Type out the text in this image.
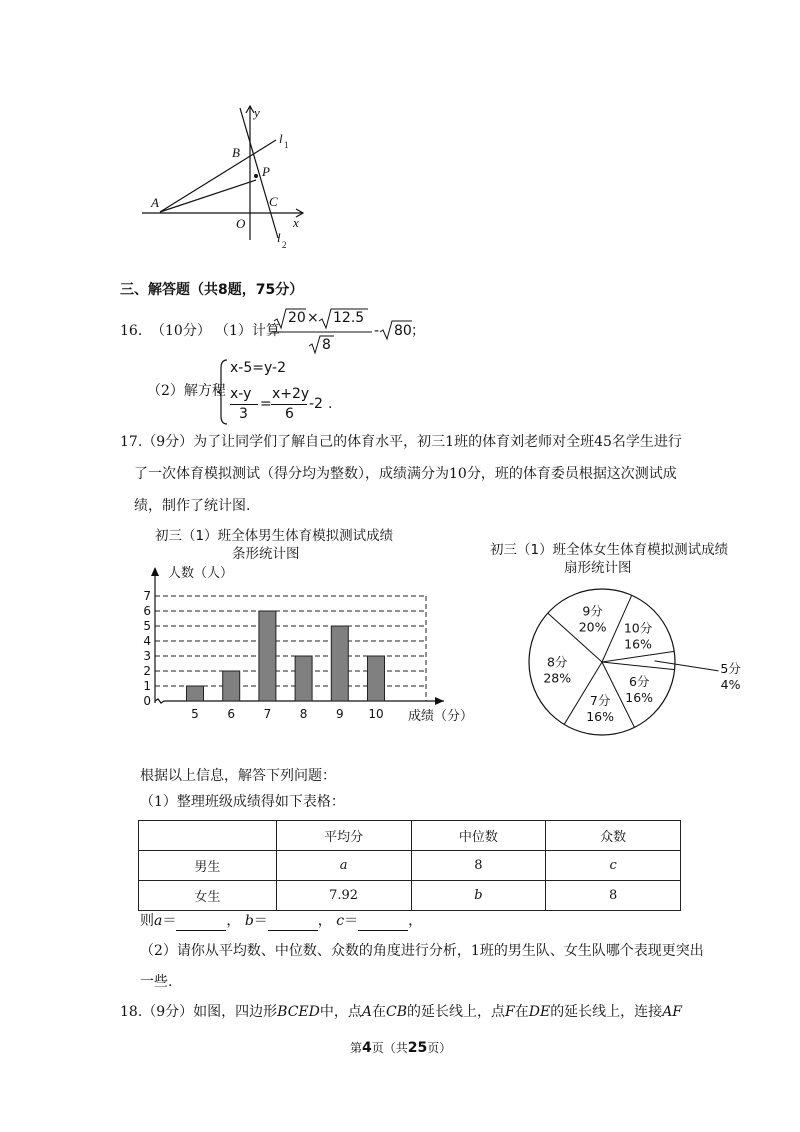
y
l 1
B
P
A
O
C
x
l 2
三、解答题（共8题，75分）
16. （10分） （1）计算
20 × 12.5
8
- 80 ；
（2）解方程
x-5=y-2
x-y
3
=
x+2y
6
-2 .
17.（9分）为了让同学们了解自己的体育水平，初三1班的体育刘老师对全班45名学生进行
了一次体育模拟测试（得分均为整数），成绩满分为10分，班的体育委员根据这次测试成
绩，制作了统计图.
初三（1）班全体男生体育模拟测试成绩
条形统计图
人数（人）
成绩（分）
0
1
2
3
4
5
6
7
5 6 7 8 9 10
初三（1）班全体女生体育模拟测试成绩
扇形统计图
9分
20% 10分
16%
5分
4%
6分
16%
7分
16%
8分
28%
根据以上信息，解答下列问题：
（1）整理班级成绩得如下表格：
	平均分	中位数	众数
男生	a	8	c
女生	7.92	b	8
则a＝	， b＝	， c＝	，
（2）请你从平均数、中位数、众数的角度进行分析，1班的男生队、女生队哪个表现更突出
一些.
18.（9分）如图，四边形BCED中，点A在CB的延长线上，点F在DE的延长线上，连接AF
第4页（共25页）
